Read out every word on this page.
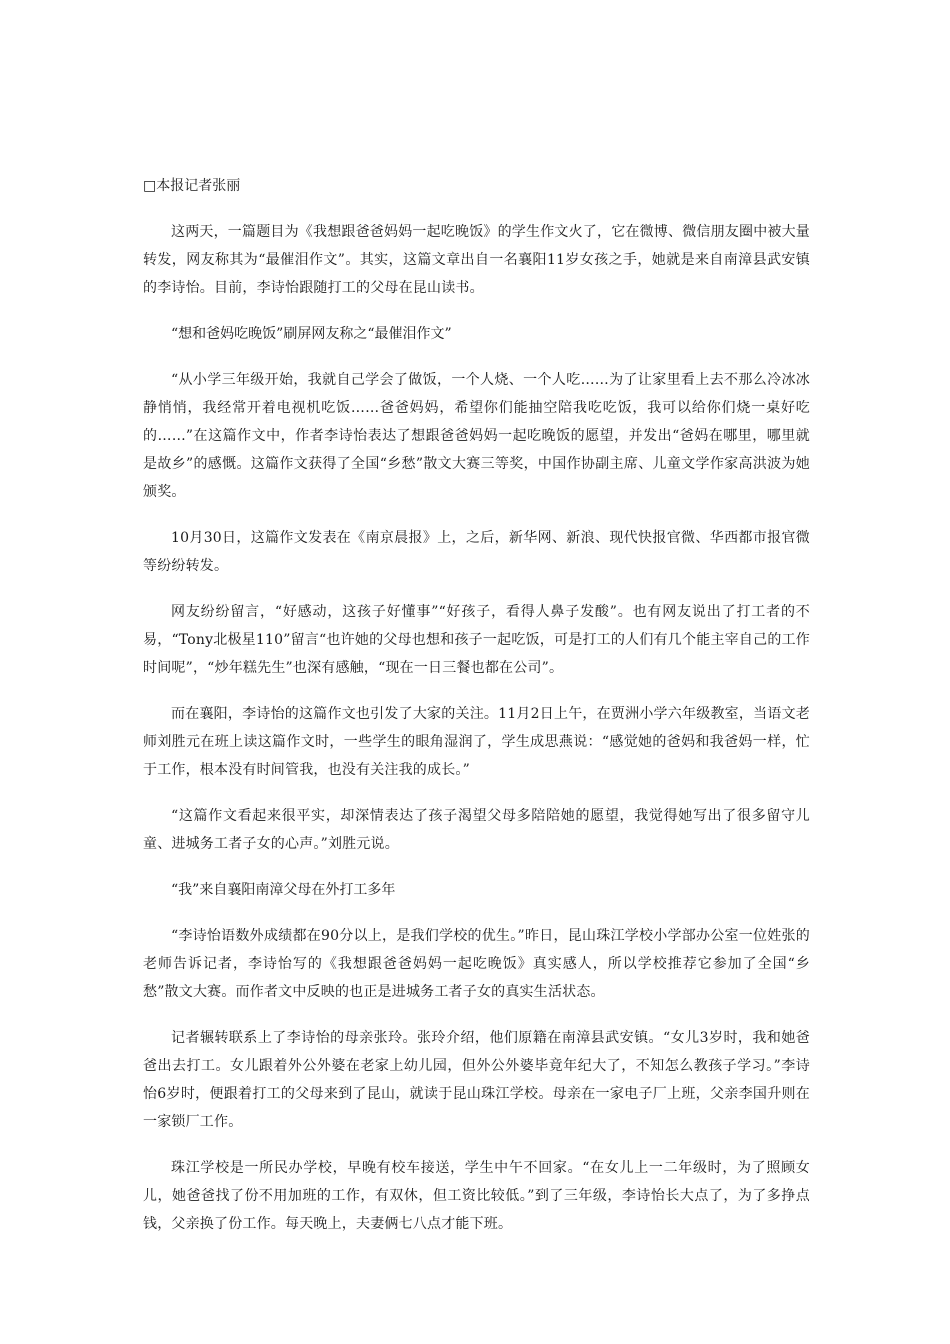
□本报记者张丽

这两天，一篇题目为《我想跟爸爸妈妈一起吃晚饭》的学生作文火了，它在微博、微信朋友圈中被大量转发，网友称其为“最催泪作文”。其实，这篇文章出自一名襄阳11岁女孩之手，她就是来自南漳县武安镇的李诗怡。目前，李诗怡跟随打工的父母在昆山读书。

“想和爸妈吃晚饭”刷屏网友称之“最催泪作文”

“从小学三年级开始，我就自己学会了做饭，一个人烧、一个人吃……为了让家里看上去不那么冷冰冰静悄悄，我经常开着电视机吃饭……爸爸妈妈，希望你们能抽空陪我吃吃饭，我可以给你们烧一桌好吃的……”在这篇作文中，作者李诗怡表达了想跟爸爸妈妈一起吃晚饭的愿望，并发出“爸妈在哪里，哪里就是故乡”的感慨。这篇作文获得了全国“乡愁”散文大赛三等奖，中国作协副主席、儿童文学作家高洪波为她颁奖。

10月30日，这篇作文发表在《南京晨报》上，之后，新华网、新浪、现代快报官微、华西都市报官微等纷纷转发。

网友纷纷留言，“好感动，这孩子好懂事”“好孩子，看得人鼻子发酸”。也有网友说出了打工者的不易，“Tony北极星110”留言“也许她的父母也想和孩子一起吃饭，可是打工的人们有几个能主宰自己的工作时间呢”，“炒年糕先生”也深有感触，“现在一日三餐也都在公司”。

而在襄阳，李诗怡的这篇作文也引发了大家的关注。11月2日上午，在贾洲小学六年级教室，当语文老师刘胜元在班上读这篇作文时，一些学生的眼角湿润了，学生成思燕说：“感觉她的爸妈和我爸妈一样，忙于工作，根本没有时间管我，也没有关注我的成长。”

“这篇作文看起来很平实，却深情表达了孩子渴望父母多陪陪她的愿望，我觉得她写出了很多留守儿童、进城务工者子女的心声。”刘胜元说。

“我”来自襄阳南漳父母在外打工多年

“李诗怡语数外成绩都在90分以上，是我们学校的优生。”昨日，昆山珠江学校小学部办公室一位姓张的老师告诉记者，李诗怡写的《我想跟爸爸妈妈一起吃晚饭》真实感人，所以学校推荐它参加了全国“乡愁”散文大赛。而作者文中反映的也正是进城务工者子女的真实生活状态。

记者辗转联系上了李诗怡的母亲张玲。张玲介绍，他们原籍在南漳县武安镇。“女儿3岁时，我和她爸爸出去打工。女儿跟着外公外婆在老家上幼儿园，但外公外婆毕竟年纪大了，不知怎么教孩子学习。”李诗怡6岁时，便跟着打工的父母来到了昆山，就读于昆山珠江学校。母亲在一家电子厂上班，父亲李国升则在一家锁厂工作。

珠江学校是一所民办学校，早晚有校车接送，学生中午不回家。“在女儿上一二年级时，为了照顾女儿，她爸爸找了份不用加班的工作，有双休，但工资比较低。”到了三年级，李诗怡长大点了，为了多挣点钱，父亲换了份工作。每天晚上，夫妻俩七八点才能下班。
